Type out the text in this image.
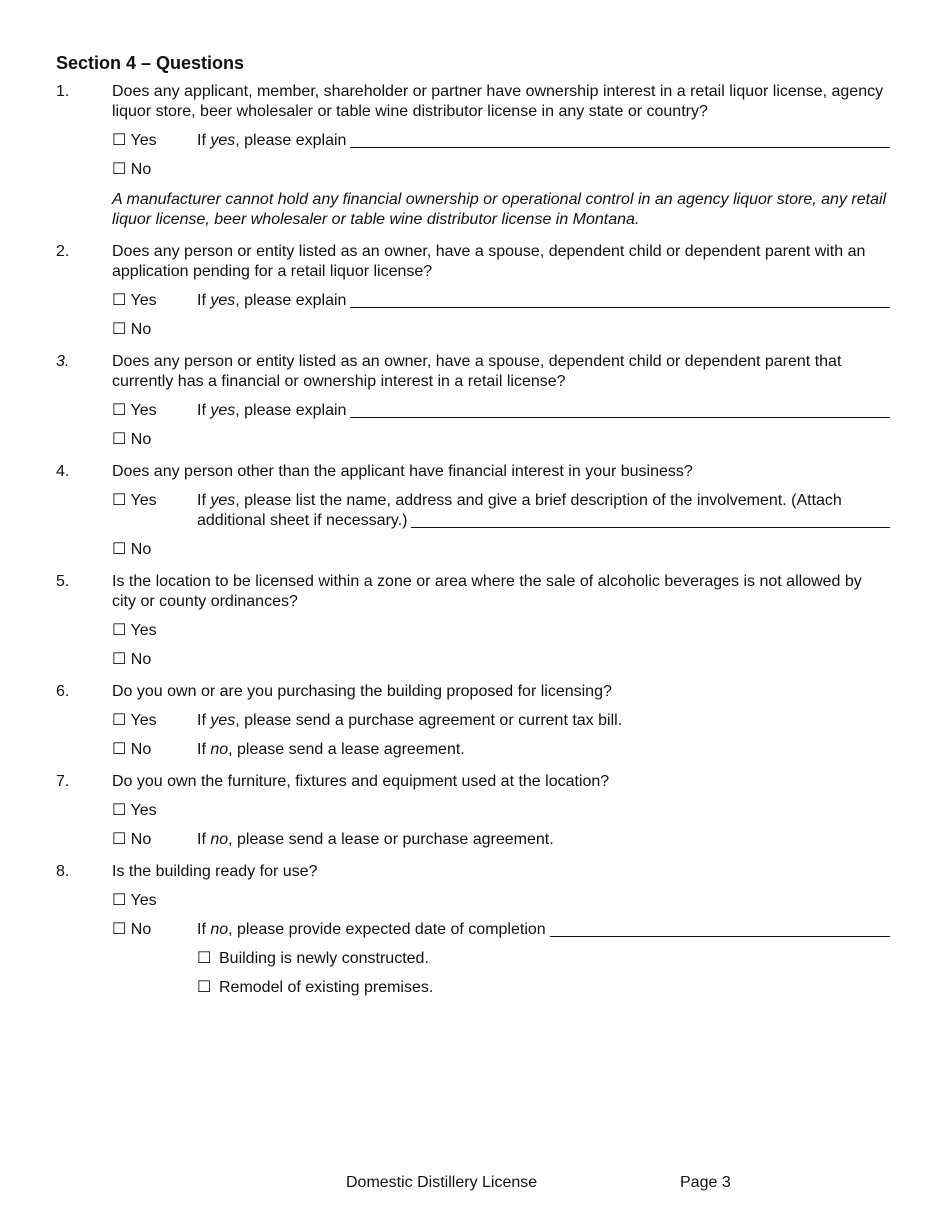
Section 4 – Questions
1.	Does any applicant, member, shareholder or partner have ownership interest in a retail liquor license, agency liquor store, beer wholesaler or table wine distributor license in any state or country?
☐ Yes	If yes, please explain
☐ No
A manufacturer cannot hold any financial ownership or operational control in an agency liquor store, any retail liquor license, beer wholesaler or table wine distributor license in Montana.
2.	Does any person or entity listed as an owner, have a spouse, dependent child or dependent parent with an application pending for a retail liquor license?
☐ Yes	If yes, please explain
☐ No
3.	Does any person or entity listed as an owner, have a spouse, dependent child or dependent parent that currently has a financial or ownership interest in a retail license?
☐ Yes	If yes, please explain
☐ No
4.	Does any person other than the applicant have financial interest in your business?
☐ Yes	If yes, please list the name, address and give a brief description of the involvement. (Attach
additional sheet if necessary.)
☐ No
5.	Is the location to be licensed within a zone or area where the sale of alcoholic beverages is not allowed by city or county ordinances?
☐ Yes
☐ No
6.	Do you own or are you purchasing the building proposed for licensing?
☐ Yes	If yes, please send a purchase agreement or current tax bill.
☐ No	If no, please send a lease agreement.
7.	Do you own the furniture, fixtures and equipment used at the location?
☐ Yes
☐ No	If no, please send a lease or purchase agreement.
8.	Is the building ready for use?
☐ Yes
☐ No	If no, please provide expected date of completion
☐ Building is newly constructed.
☐ Remodel of existing premises.
Domestic Distillery License	Page 3
